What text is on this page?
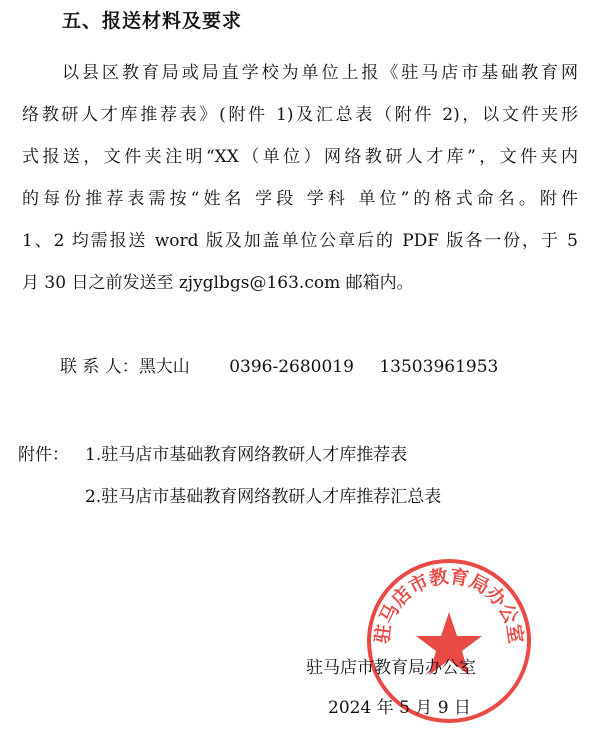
五、报送材料及要求
以县区教育局或局直学校为单位上报《驻马店市基础教育网
络教研人才库推荐表》(附件 1)及汇总表（附件 2)，以文件夹形
式报送，文件夹注明“XX（单位）网络教研人才库”，文件夹内
的每份推荐表需按“姓名 学段 学科 单位”的格式命名。附件
1、2 均需报送 word 版及加盖单位公章后的 PDF 版各一份，于 5
月 30 日之前发送至 zjyglbgs@163.com 邮箱内。
联 系 人：黑大山 0396-2680019 13503961953
附件： 1.驻马店市基础教育网络教研人才库推荐表
2.驻马店市基础教育网络教研人才库推荐汇总表
驻马店市教育局办公室
驻马店市教育局办公室
2024 年 5 月 9 日
